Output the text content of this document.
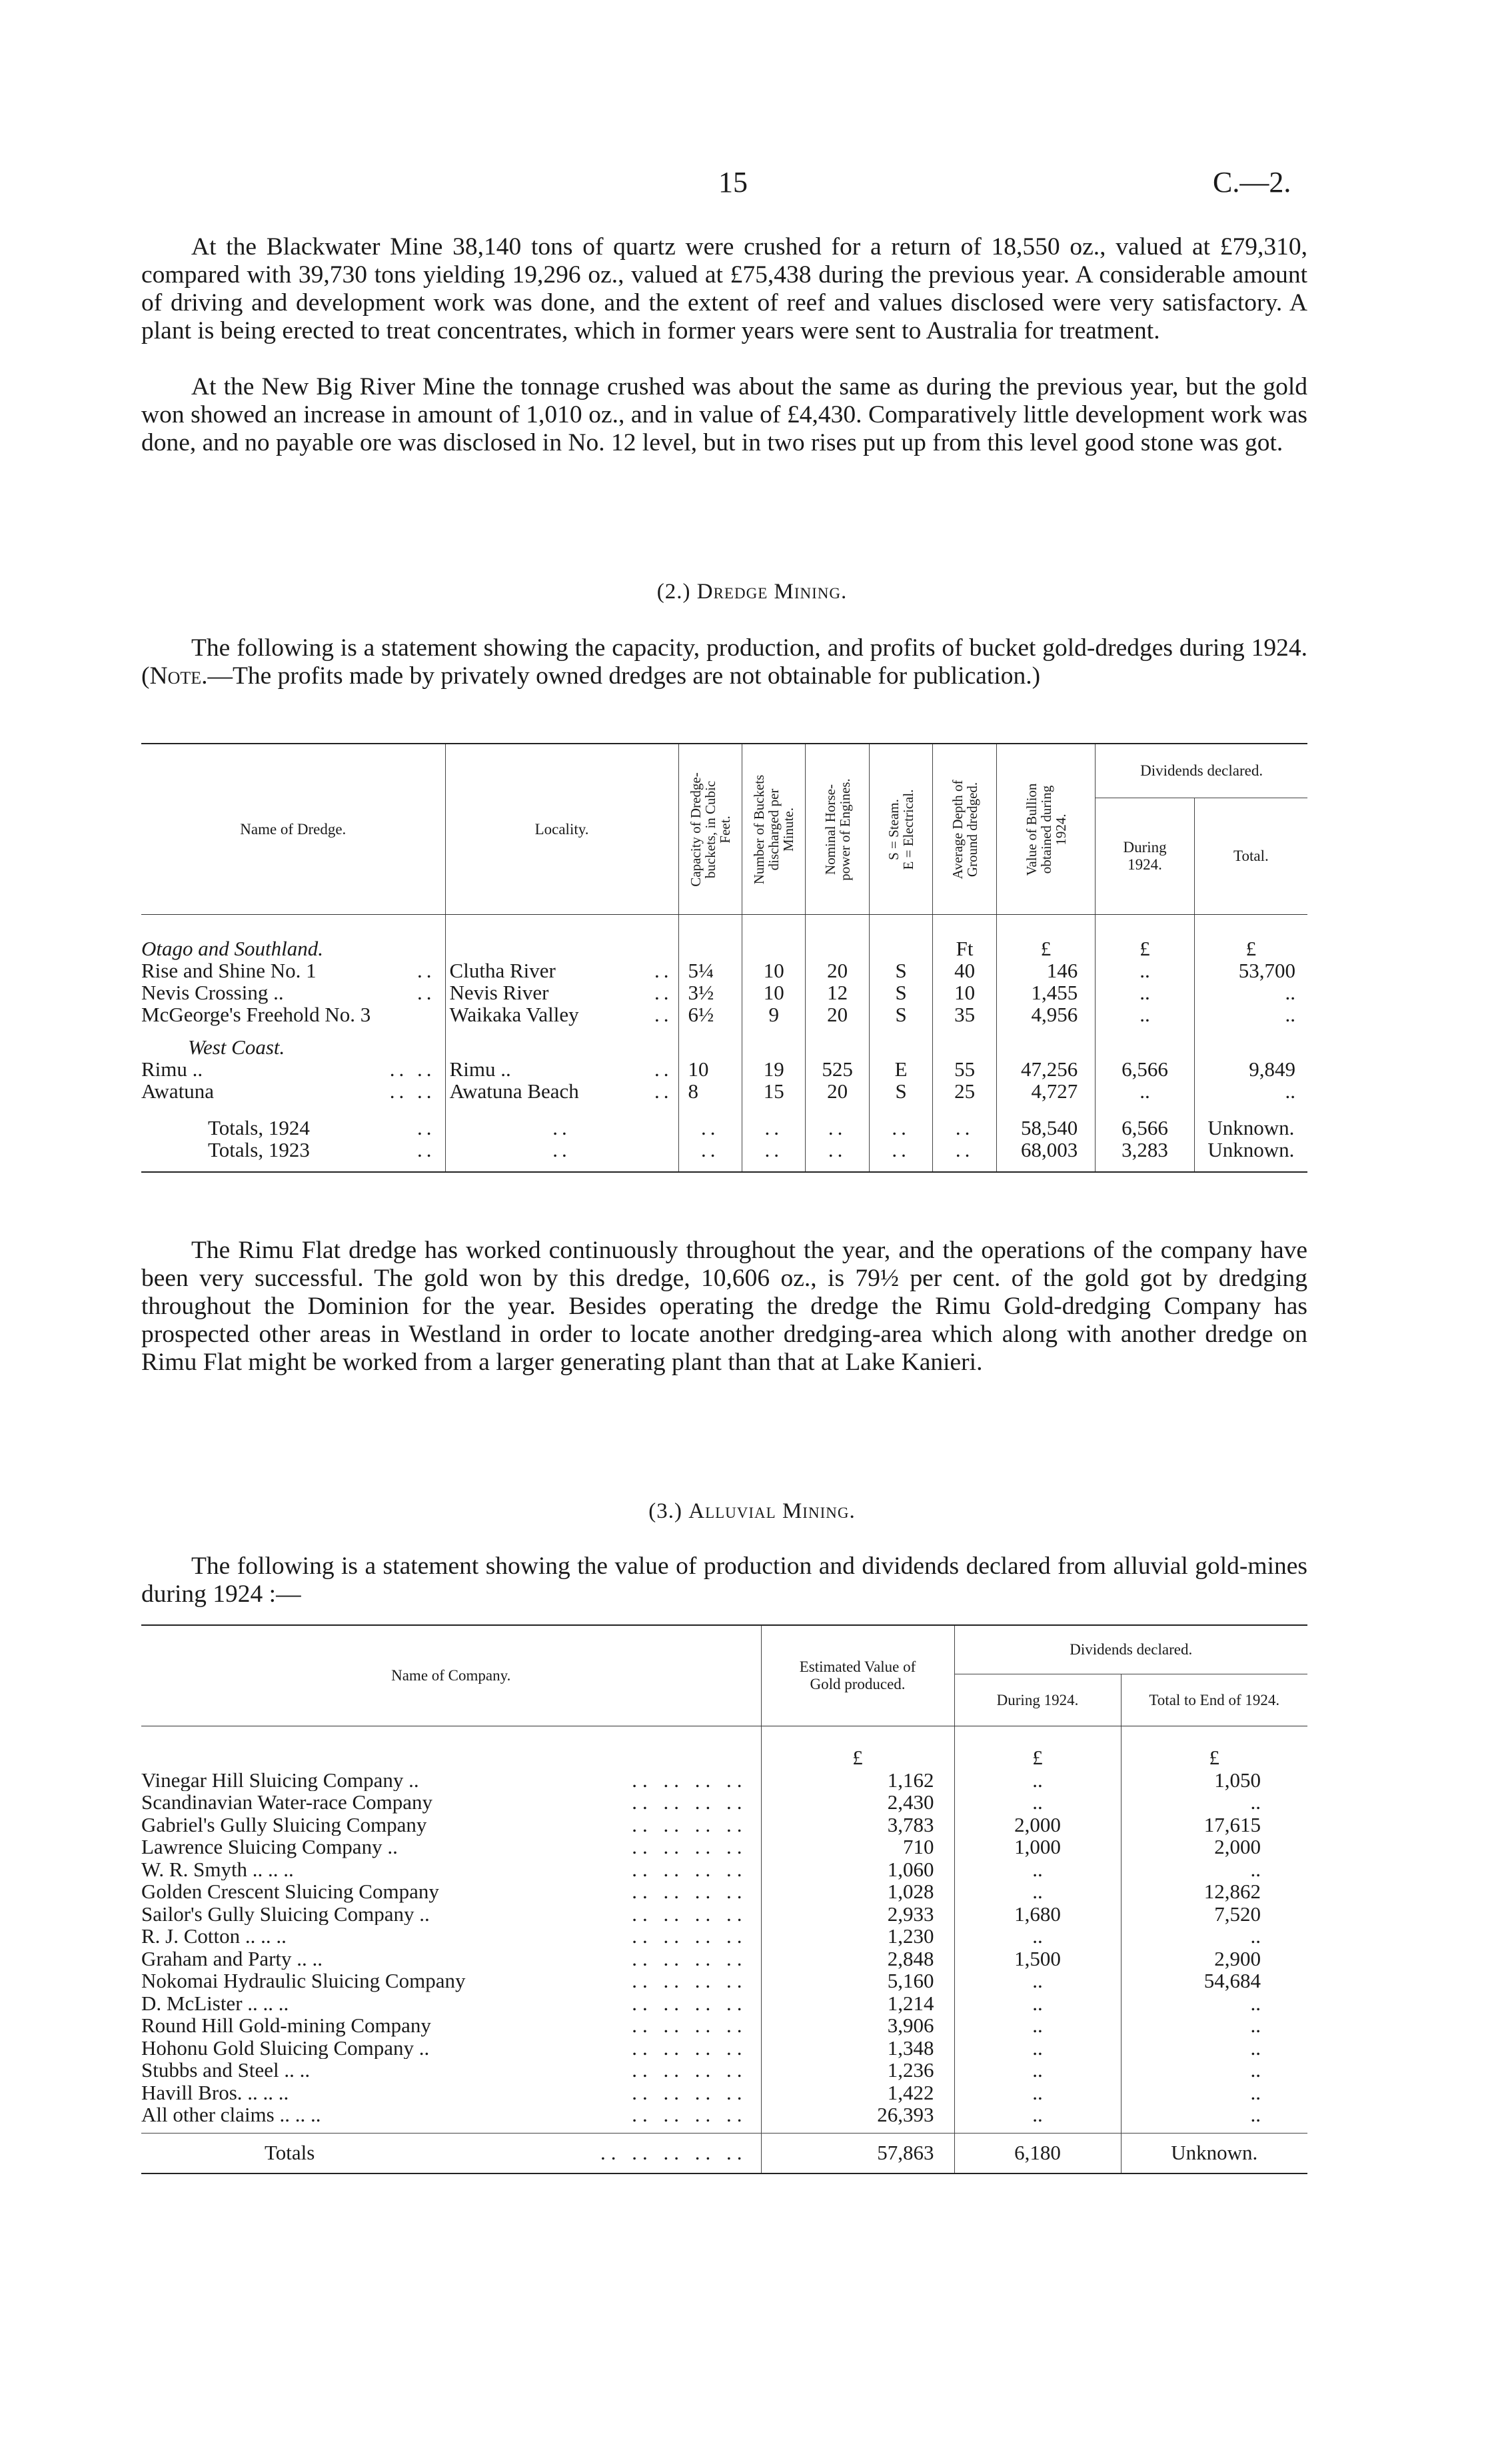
15	C.—2.

At the Blackwater Mine 38,140 tons of quartz were crushed for a return of 18,550 oz., valued at £79,310, compared with 39,730 tons yielding 19,296 oz., valued at £75,438 during the previous year. A considerable amount of driving and development work was done, and the extent of reef and values disclosed were very satisfactory. A plant is being erected to treat concentrates, which in former years were sent to Australia for treatment.

At the New Big River Mine the tonnage crushed was about the same as during the previous year, but the gold won showed an increase in amount of 1,010 oz., and in value of £4,430. Comparatively little development work was done, and no payable ore was disclosed in No. 12 level, but in two rises put up from this level good stone was got.

(2.) Dredge Mining.

The following is a statement showing the capacity, production, and profits of bucket gold-dredges during 1924. (Note.—The profits made by privately owned dredges are not obtainable for publication.)

Name of Dredge.	Locality.	Capacity of Dredge-
buckets, in Cubic
Feet.	Number of Buckets
discharged per
Minute.	Nominal Horse-
power of Engines.	S = Steam.
E = Electrical.	Average Depth of
Ground dredged.	Value of Bullion
obtained during
1924.	Dividends declared.	
								During
1924.	Total.
Otago and Southland.						Ft	£	£	£
Rise and Shine No. 1 ..	Clutha River ..	5¼	10	20	S	40	146	..	53,700
Nevis Crossing .. ..	Nevis River ..	3½	10	12	S	10	1,455	..	..
McGeorge's Freehold No. 3	Waikaka Valley ..	6½	9	20	S	35	4,956	..	..
West Coast.									
Rimu .. .. ..	Rimu .. ..	10	19	525	E	55	47,256	6,566	9,849
Awatuna .. ..	Awatuna Beach ..	8	15	20	S	25	4,727	..	..
Totals, 1924 ..	..	..	..	..	..	..	58,540	6,566	Unknown.
Totals, 1923 ..	..	..	..	..	..	..	68,003	3,283	Unknown.

The Rimu Flat dredge has worked continuously throughout the year, and the operations of the company have been very successful. The gold won by this dredge, 10,606 oz., is 79½ per cent. of the gold got by dredging throughout the Dominion for the year. Besides operating the dredge the Rimu Gold-dredging Company has prospected other areas in Westland in order to locate another dredging-area which along with another dredge on Rimu Flat might be worked from a larger generating plant than that at Lake Kanieri.

(3.) Alluvial Mining.

The following is a statement showing the value of production and dividends declared from alluvial gold-mines during 1924 :—

Name of Company.	Estimated Value of
Gold produced.	Dividends declared.	
		During 1924.	Total to End of 1924.
	£	£	£
Vinegar Hill Sluicing Company .. .. .. .. ..	1,162	..	1,050
Scandinavian Water-race Company .. .. .. ..	2,430	..	..
Gabriel's Gully Sluicing Company .. .. .. ..	3,783	2,000	17,615
Lawrence Sluicing Company .. .. .. .. ..	710	1,000	2,000
W. R. Smyth .. .. .. .. .. .. ..	1,060	..	..
Golden Crescent Sluicing Company .. .. .. ..	1,028	..	12,862
Sailor's Gully Sluicing Company .. .. .. .. ..	2,933	1,680	7,520
R. J. Cotton .. .. .. .. .. .. ..	1,230	..	..
Graham and Party .. .. .. .. .. ..	2,848	1,500	2,900
Nokomai Hydraulic Sluicing Company .. .. .. ..	5,160	..	54,684
D. McLister .. .. .. .. .. .. ..	1,214	..	..
Round Hill Gold-mining Company .. .. .. ..	3,906	..	..
Hohonu Gold Sluicing Company .. .. .. .. ..	1,348	..	..
Stubbs and Steel .. .. .. .. .. ..	1,236	..	..
Havill Bros. .. .. .. .. .. .. ..	1,422	..	..
All other claims .. .. .. .. .. .. ..	26,393	..	..
Totals .. .. .. .. ..	57,863	6,180	Unknown.
